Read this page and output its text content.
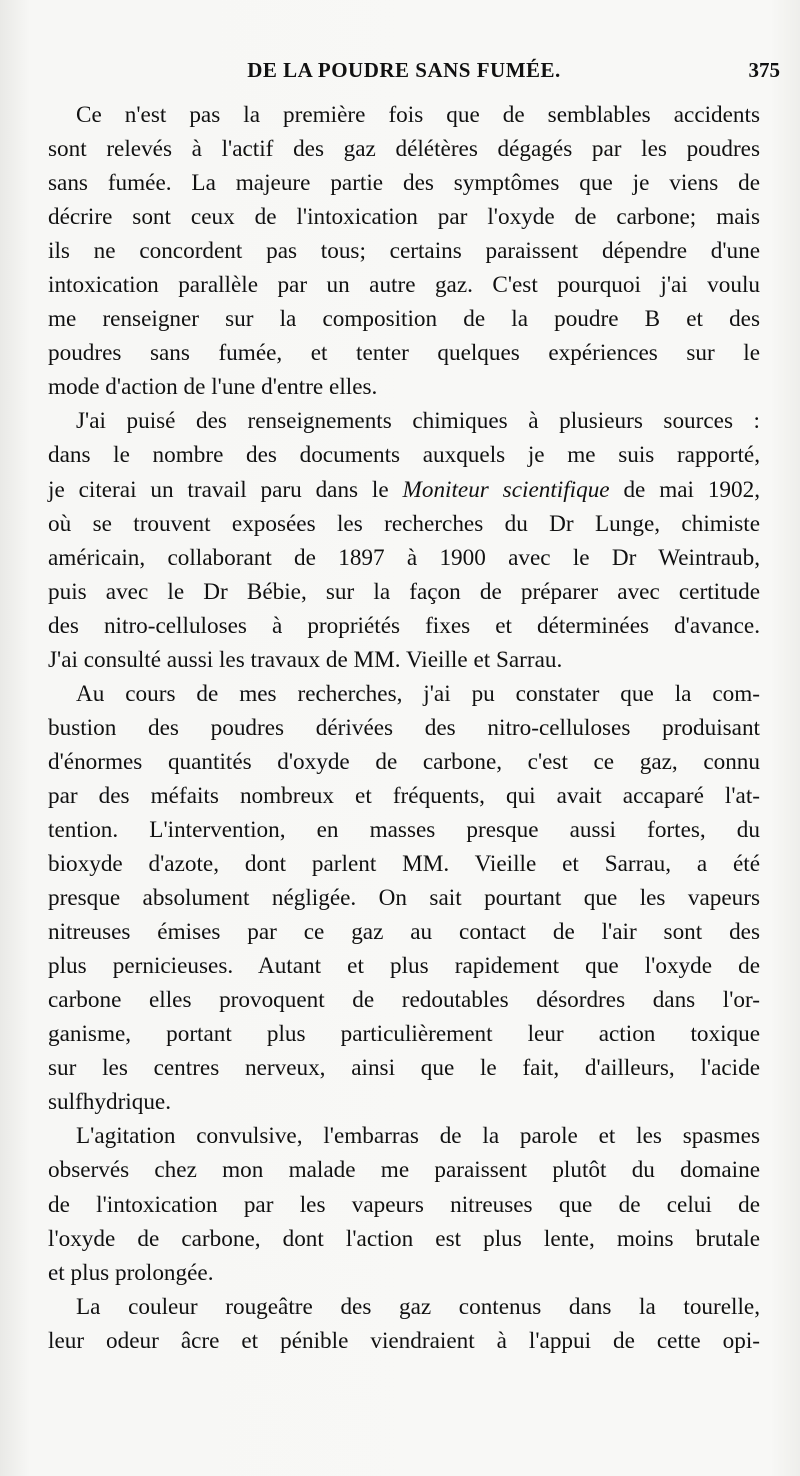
DE LA POUDRE SANS FUMÉE.	375
Ce n'est pas la première fois que de semblables accidents
sont relevés à l'actif des gaz délétères dégagés par les poudres
sans fumée. La majeure partie des symptômes que je viens de
décrire sont ceux de l'intoxication par l'oxyde de carbone; mais
ils ne concordent pas tous; certains paraissent dépendre d'une
intoxication parallèle par un autre gaz. C'est pourquoi j'ai voulu
me renseigner sur la composition de la poudre B et des
poudres sans fumée, et tenter quelques expériences sur le
mode d'action de l'une d'entre elles.
J'ai puisé des renseignements chimiques à plusieurs sources :
dans le nombre des documents auxquels je me suis rapporté,
je citerai un travail paru dans le Moniteur scientifique de mai 1902,
où se trouvent exposées les recherches du Dr Lunge, chimiste
américain, collaborant de 1897 à 1900 avec le Dr Weintraub,
puis avec le Dr Bébie, sur la façon de préparer avec certitude
des nitro-celluloses à propriétés fixes et déterminées d'avance.
J'ai consulté aussi les travaux de MM. Vieille et Sarrau.
Au cours de mes recherches, j'ai pu constater que la com-
bustion des poudres dérivées des nitro-celluloses produisant
d'énormes quantités d'oxyde de carbone, c'est ce gaz, connu
par des méfaits nombreux et fréquents, qui avait accaparé l'at-
tention. L'intervention, en masses presque aussi fortes, du
bioxyde d'azote, dont parlent MM. Vieille et Sarrau, a été
presque absolument négligée. On sait pourtant que les vapeurs
nitreuses émises par ce gaz au contact de l'air sont des
plus pernicieuses. Autant et plus rapidement que l'oxyde de
carbone elles provoquent de redoutables désordres dans l'or-
ganisme, portant plus particulièrement leur action toxique
sur les centres nerveux, ainsi que le fait, d'ailleurs, l'acide
sulfhydrique.
L'agitation convulsive, l'embarras de la parole et les spasmes
observés chez mon malade me paraissent plutôt du domaine
de l'intoxication par les vapeurs nitreuses que de celui de
l'oxyde de carbone, dont l'action est plus lente, moins brutale
et plus prolongée.
La couleur rougeâtre des gaz contenus dans la tourelle,
leur odeur âcre et pénible viendraient à l'appui de cette opi-
